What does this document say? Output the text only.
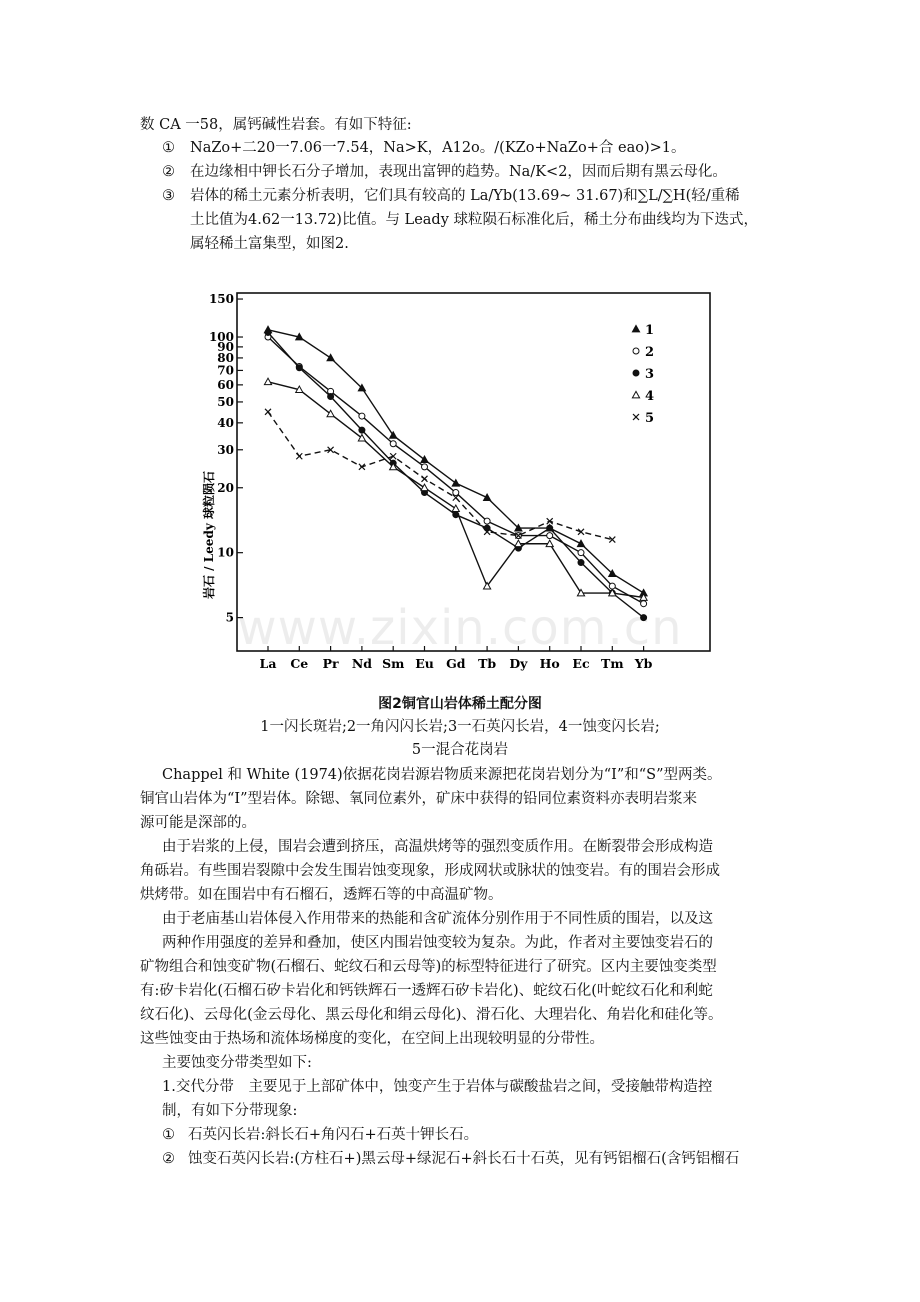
数 CA 一58，属钙碱性岩套。有如下特征:
① NaZo+二20一7.06一7.54，Na>K，A12o。/(KZo+NaZo+合 eao)>1。
② 在边缘相中钾长石分子增加，表现出富钾的趋势。Na/K<2，因而后期有黑云母化。
③ 岩体的稀土元素分析表明，它们具有较高的 La/Yb(13.69~ 31.67)和∑L/∑H(轻/重稀
土比值为4.62一13.72)比值。与 Leady 球粒陨石标准化后，稀土分布曲线均为下迭式，
属轻稀土富集型，如图2.
150
100
90
80
70
60
50
40
30
20
10
5
La Ce Pr Nd Sm Eu Gd Tb Dy Ho Ec Tm Yb
1
2
3
4
5
岩石 / Leedy 球粒陨石
图2铜官山岩体稀土配分图
1一闪长斑岩;2一角闪闪长岩;3一石英闪长岩，4一蚀变闪长岩;
5一混合花岗岩
www.zixin.com.cn
Chappel 和 White (1974)依据花岗岩源岩物质来源把花岗岩划分为“I”和“S”型两类。
铜官山岩体为“I”型岩体。除锶、氧同位素外，矿床中获得的铅同位素资料亦表明岩浆来
源可能是深部的。
由于岩浆的上侵，围岩会遭到挤压，高温烘烤等的强烈变质作用。在断裂带会形成构造
角砾岩。有些围岩裂隙中会发生围岩蚀变现象，形成网状或脉状的蚀变岩。有的围岩会形成
烘烤带。如在围岩中有石榴石，透辉石等的中高温矿物。
由于老庙基山岩体侵入作用带来的热能和含矿流体分别作用于不同性质的围岩，以及这
两种作用强度的差异和叠加，使区内围岩蚀变较为复杂。为此，作者对主要蚀变岩石的
矿物组合和蚀变矿物(石榴石、蛇纹石和云母等)的标型特征进行了研究。区内主要蚀变类型
有:矽卡岩化(石榴石矽卡岩化和钙铁辉石一透辉石矽卡岩化)、蛇纹石化(叶蛇纹石化和利蛇
纹石化)、云母化(金云母化、黑云母化和绢云母化)、滑石化、大理岩化、角岩化和硅化等。
这些蚀变由于热场和流体场梯度的变化，在空间上出现较明显的分带性。
主要蚀变分带类型如下:
1.交代分带　主要见于上部矿体中，蚀变产生于岩体与碳酸盐岩之间，受接触带构造控
制，有如下分带现象:
① 石英闪长岩:斜长石+角闪石+石英十钾长石。
② 蚀变石英闪长岩:(方柱石+)黑云母+绿泥石+斜长石十石英，见有钙铝榴石(含钙铝榴石
